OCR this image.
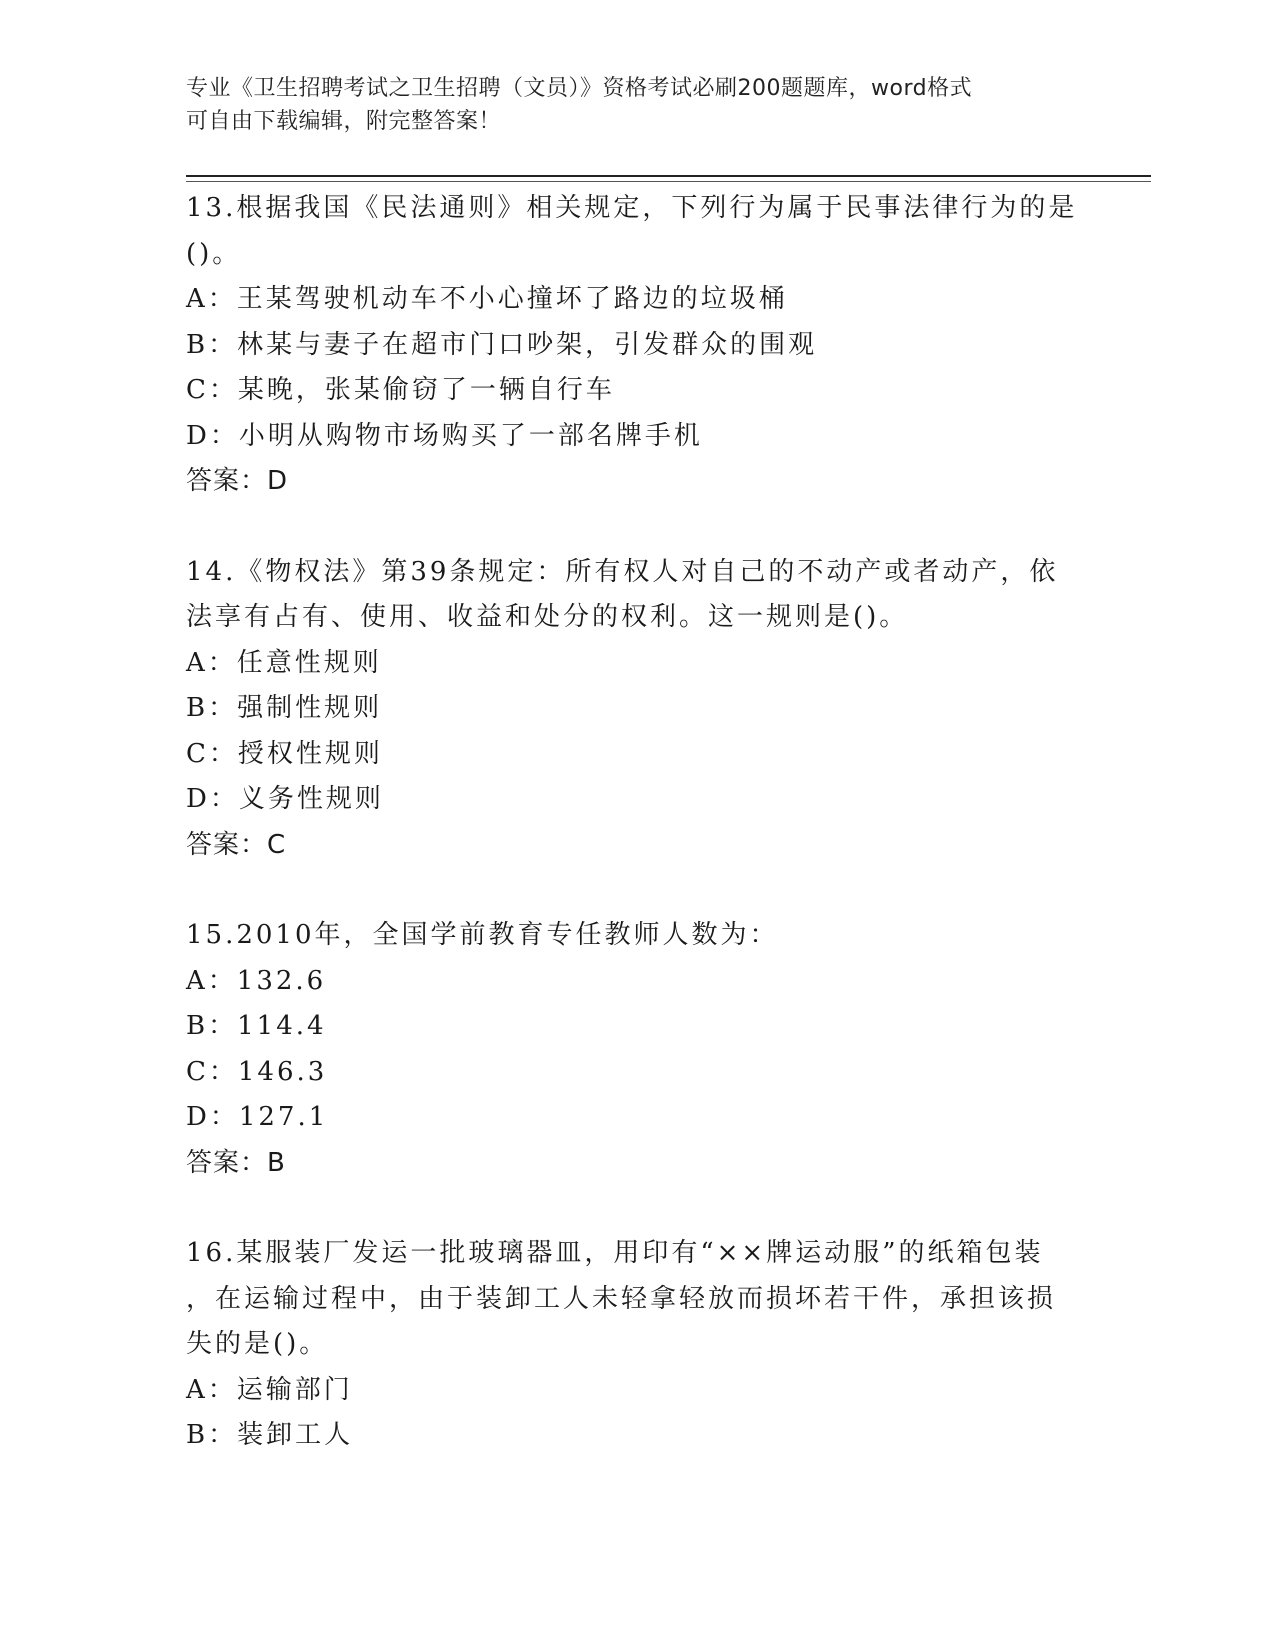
专业《卫生招聘考试之卫生招聘（文员）》资格考试必刷200题题库，word格式
可自由下载编辑，附完整答案！

13.根据我国《民法通则》相关规定，下列行为属于民事法律行为的是

()。

A：王某驾驶机动车不小心撞坏了路边的垃圾桶

B：林某与妻子在超市门口吵架，引发群众的围观

C：某晚，张某偷窃了一辆自行车

D：小明从购物市场购买了一部名牌手机

答案：D

14.《物权法》第39条规定：所有权人对自己的不动产或者动产，依

法享有占有、使用、收益和处分的权利。这一规则是()。

A：任意性规则

B：强制性规则

C：授权性规则

D：义务性规则

答案：C

15.2010年，全国学前教育专任教师人数为：

A：132.6

B：114.4

C：146.3

D：127.1

答案：B

16.某服装厂发运一批玻璃器皿，用印有“××牌运动服”的纸箱包装

，在运输过程中，由于装卸工人未轻拿轻放而损坏若干件，承担该损

失的是()。

A：运输部门

B：装卸工人
